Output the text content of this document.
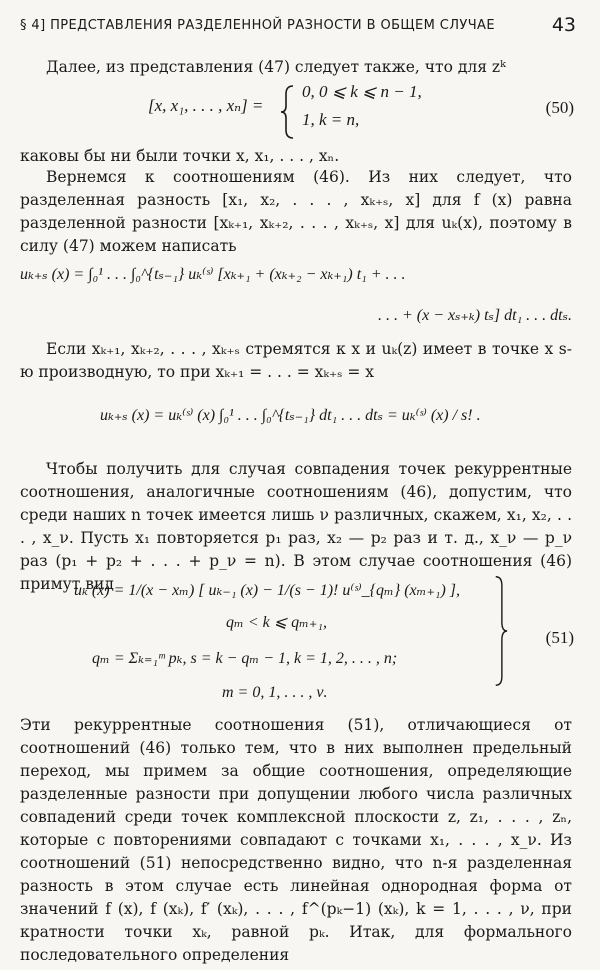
§ 4] ПРЕДСТАВЛЕНИЯ РАЗДЕЛЕННОЙ РАЗНОСТИ В ОБЩЕМ СЛУЧАЕ	43
Далее, из представления (47) следует также, что для zᵏ
[x, x₁, . . . , xₙ] =
0, 0 ⩽ k ⩽ n − 1,
1, k = n,
(50)
каковы бы ни были точки x, x₁, . . . , xₙ.
Вернемся к соотношениям (46). Из них следует, что разделенная разность [x₁, x₂, . . . , xₖ₊ₛ, x] для f (x) равна разделенной разности [xₖ₊₁, xₖ₊₂, . . . , xₖ₊ₛ, x] для uₖ(x), поэтому в силу (47) можем написать
uₖ₊ₛ (x) = ∫₀¹ . . . ∫₀^{tₛ₋₁} uₖ⁽ˢ⁾ [xₖ₊₁ + (xₖ₊₂ − xₖ₊₁) t₁ + . . .
. . . + (x − xₛ₊ₖ) tₛ] dt₁ . . . dtₛ.
Если xₖ₊₁, xₖ₊₂, . . . , xₖ₊ₛ стремятся к x и uₖ(z) имеет в точке x s-ю производную, то при xₖ₊₁ = . . . = xₖ₊ₛ = x
uₖ₊ₛ (x) = uₖ⁽ˢ⁾ (x) ∫₀¹ . . . ∫₀^{tₛ₋₁} dt₁ . . . dtₛ = uₖ⁽ˢ⁾ (x) / s! .
Чтобы получить для случая совпадения точек рекуррентные соотношения, аналогичные соотношениям (46), допустим, что среди наших n точек имеется лишь ν различных, скажем, x₁, x₂, . . . , x_ν. Пусть x₁ повторяется p₁ раз, x₂ — p₂ раз и т. д., x_ν — p_ν раз (p₁ + p₂ + . . . + p_ν = n). В этом случае соотношения (46) примут вид
uₖ (x) = 1/(x − xₘ) [ uₖ₋₁ (x) − 1/(s − 1)! u⁽ˢ⁾_{qₘ} (xₘ₊₁) ],
qₘ < k ⩽ qₘ₊₁,
qₘ = Σₖ₌₁ᵐ pₖ, s = k − qₘ − 1, k = 1, 2, . . . , n;
m = 0, 1, . . . , ν.
(51)
Эти рекуррентные соотношения (51), отличающиеся от соотношений (46) только тем, что в них выполнен предельный переход, мы примем за общие соотношения, определяющие разделенные разности при допущении любого числа различных совпадений среди точек комплексной плоскости z, z₁, . . . , zₙ, которые с повторениями совпадают с точками x₁, . . . , x_ν. Из соотношений (51) непосредственно видно, что n-я разделенная разность в этом случае есть линейная однородная форма от значений f (x), f (xₖ), f′ (xₖ), . . . , f^(pₖ−1) (xₖ), k = 1, . . . , ν, при кратности точки xₖ, равной pₖ. Итак, для формального последовательного определения
